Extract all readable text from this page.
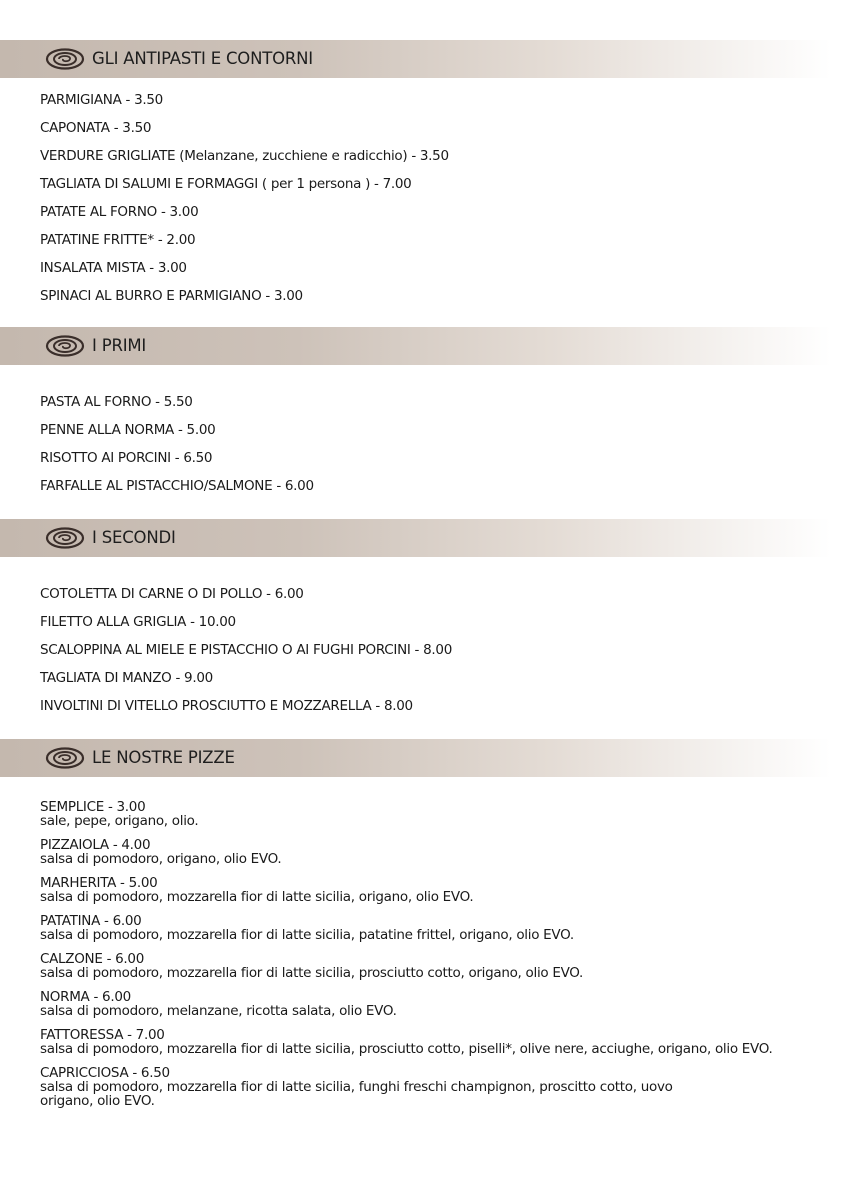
GLI ANTIPASTI E CONTORNI
PARMIGIANA - 3.50
CAPONATA - 3.50
VERDURE GRIGLIATE (Melanzane, zucchiene e radicchio) - 3.50
TAGLIATA DI SALUMI E FORMAGGI ( per 1 persona ) - 7.00
PATATE AL FORNO - 3.00
PATATINE FRITTE* - 2.00
INSALATA MISTA - 3.00
SPINACI AL BURRO E PARMIGIANO - 3.00
I PRIMI
PASTA AL FORNO - 5.50
PENNE ALLA NORMA - 5.00
RISOTTO AI PORCINI - 6.50
FARFALLE AL PISTACCHIO/SALMONE - 6.00
I SECONDI
COTOLETTA DI CARNE O DI POLLO - 6.00
FILETTO ALLA GRIGLIA - 10.00
SCALOPPINA AL MIELE E PISTACCHIO O AI FUGHI PORCINI - 8.00
TAGLIATA DI MANZO - 9.00
INVOLTINI DI VITELLO PROSCIUTTO E MOZZARELLA - 8.00
LE NOSTRE PIZZE
SEMPLICE - 3.00
sale, pepe, origano, olio.
PIZZAIOLA - 4.00
salsa di pomodoro, origano, olio EVO.
MARHERITA - 5.00
salsa di pomodoro, mozzarella fior di latte sicilia, origano, olio EVO.
PATATINA - 6.00
salsa di pomodoro, mozzarella fior di latte sicilia, patatine frittel, origano, olio EVO.
CALZONE - 6.00
salsa di pomodoro, mozzarella fior di latte sicilia, prosciutto cotto, origano, olio EVO.
NORMA - 6.00
salsa di pomodoro, melanzane, ricotta salata, olio EVO.
FATTORESSA - 7.00
salsa di pomodoro, mozzarella fior di latte sicilia, prosciutto cotto, piselli*, olive nere, acciughe, origano, olio EVO.
CAPRICCIOSA - 6.50
salsa di pomodoro, mozzarella fior di latte sicilia, funghi freschi champignon, proscitto cotto, uovo
origano, olio EVO.
